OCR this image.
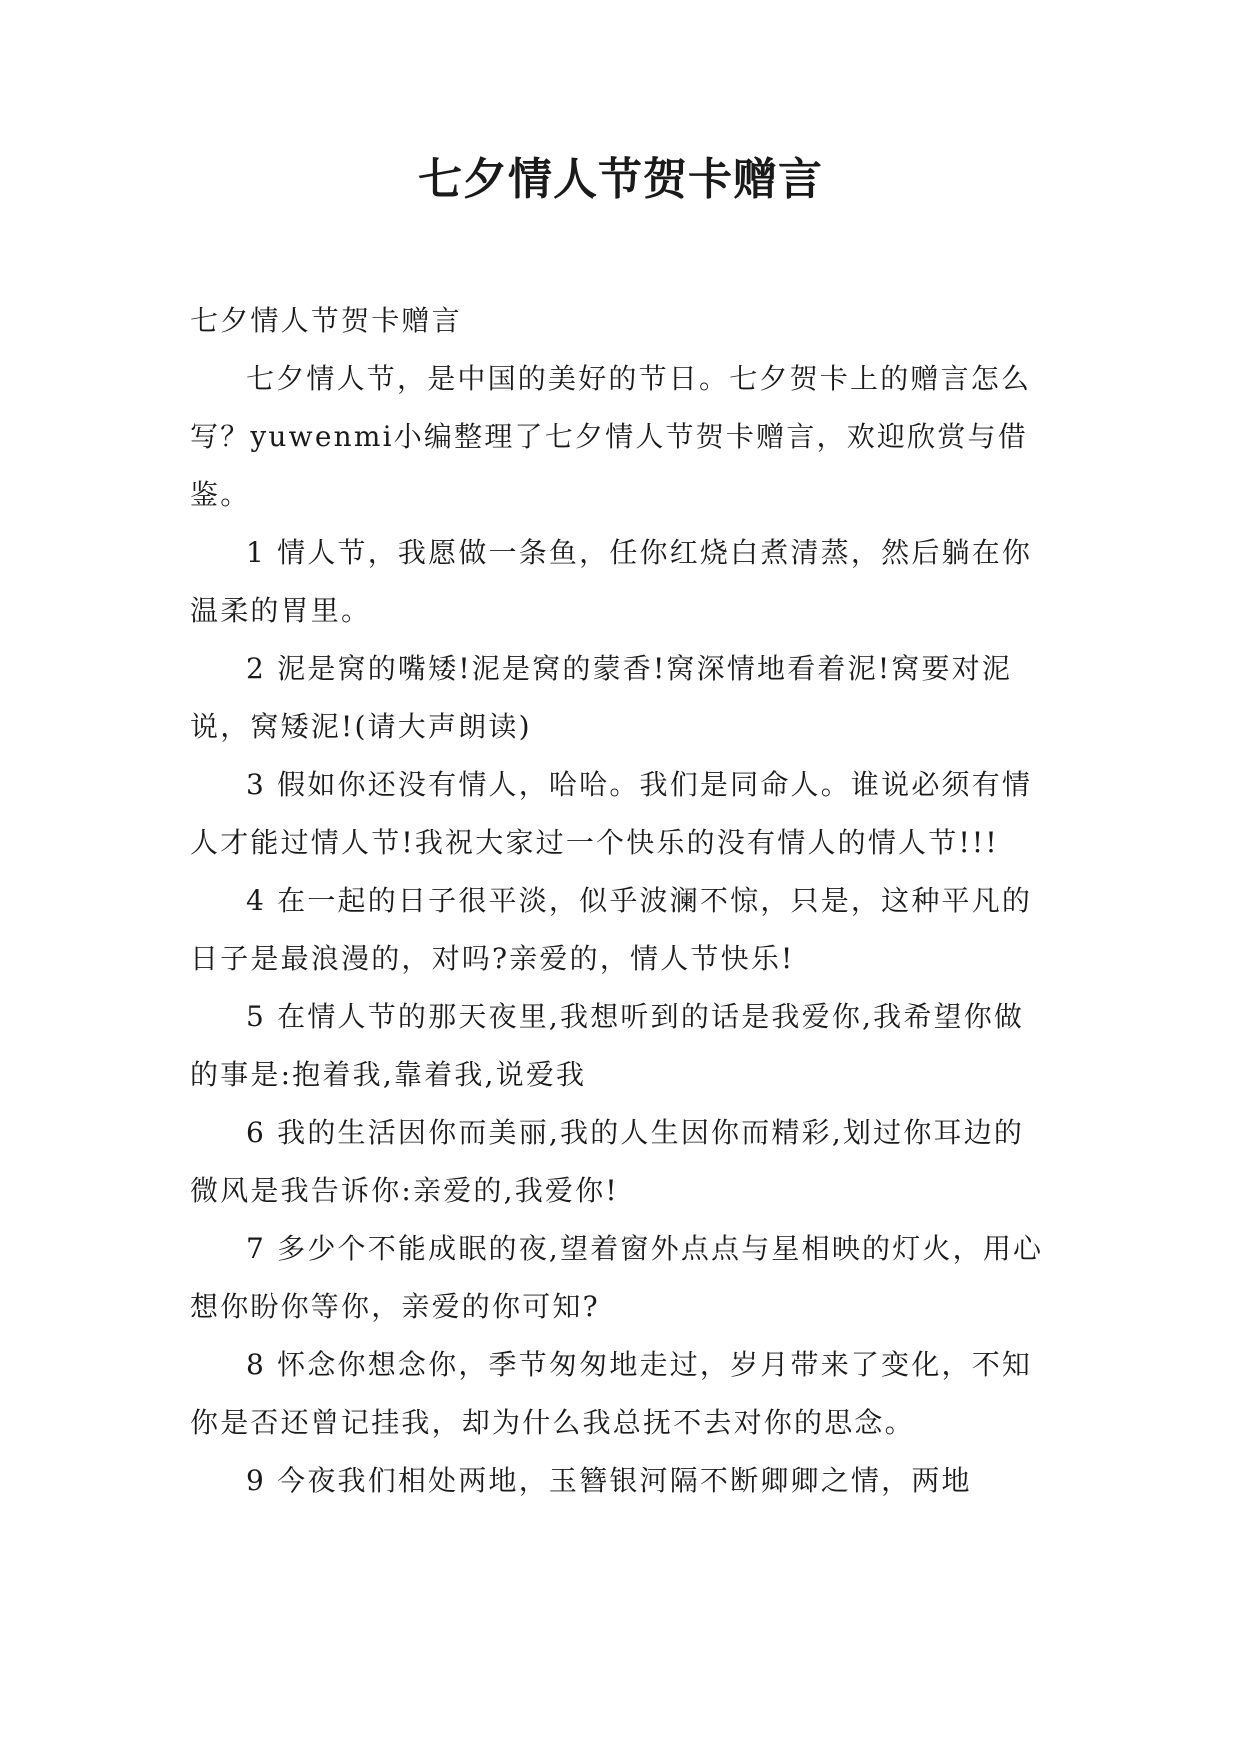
七夕情人节贺卡赠言

七夕情人节贺卡赠言

七夕情人节，是中国的美好的节日。七夕贺卡上的赠言怎么写？yuwenmi小编整理了七夕情人节贺卡赠言，欢迎欣赏与借鉴。

1 情人节，我愿做一条鱼，任你红烧白煮清蒸，然后躺在你温柔的胃里。

2 泥是窝的嘴矮!泥是窝的蒙香!窝深情地看着泥!窝要对泥说，窝矮泥!(请大声朗读)

3 假如你还没有情人，哈哈。我们是同命人。谁说必须有情人才能过情人节!我祝大家过一个快乐的没有情人的情人节!!!

4 在一起的日子很平淡，似乎波澜不惊，只是，这种平凡的日子是最浪漫的，对吗?亲爱的，情人节快乐!

5 在情人节的那天夜里,我想听到的话是我爱你,我希望你做的事是:抱着我,靠着我,说爱我

6 我的生活因你而美丽,我的人生因你而精彩,划过你耳边的微风是我告诉你:亲爱的,我爱你!

7 多少个不能成眠的夜,望着窗外点点与星相映的灯火，用心想你盼你等你，亲爱的你可知?

8 怀念你想念你，季节匆匆地走过，岁月带来了变化，不知你是否还曾记挂我，却为什么我总抚不去对你的思念。

9 今夜我们相处两地，玉簪银河隔不断卿卿之情，两地
